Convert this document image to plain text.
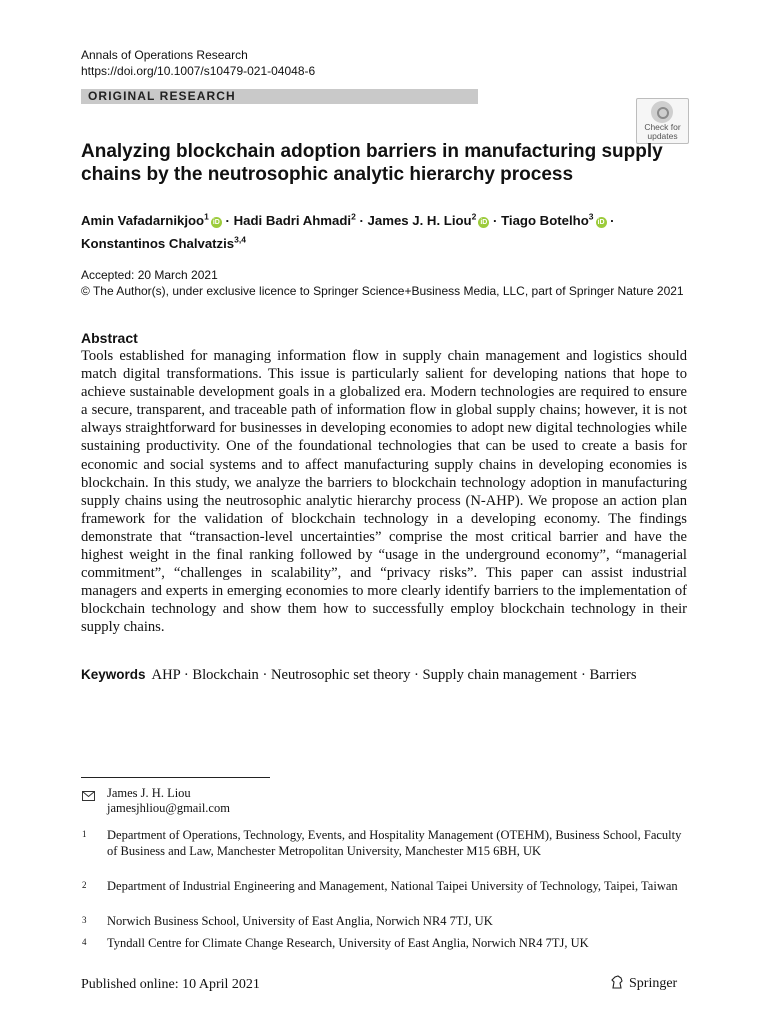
Annals of Operations Research
https://doi.org/10.1007/s10479-021-04048-6
ORIGINAL RESEARCH
Check for updates
Analyzing blockchain adoption barriers in manufacturing supply chains by the neutrosophic analytic hierarchy process
Amin Vafadarnikjoo$^1$iD · Hadi Badri Ahmadi$^2$ · James J. H. Liou$^2$iD · Tiago Botelho$^3$iD ·
Konstantinos Chalvatzis$^{3,4}$
Accepted: 20 March 2021
© The Author(s), under exclusive licence to Springer Science+Business Media, LLC, part of Springer Nature 2021
Abstract
Tools established for managing information flow in supply chain management and logistics should match digital transformations. This issue is particularly salient for developing nations that hope to achieve sustainable development goals in a globalized era. Modern technologies are required to ensure a secure, transparent, and traceable path of information flow in global supply chains; however, it is not always straightforward for businesses in developing economies to adopt new digital technologies while sustaining productivity. One of the foundational technologies that can be used to create a basis for economic and social systems and to affect manufacturing supply chains in developing economies is blockchain. In this study, we analyze the barriers to blockchain technology adoption in manufacturing supply chains using the neutrosophic analytic hierarchy process (N-AHP). We propose an action plan framework for the validation of blockchain technology in a developing economy. The findings demonstrate that “transaction-level uncertainties” comprise the most critical barrier and have the highest weight in the final ranking followed by “usage in the underground economy”, “managerial commitment”, “challenges in scalability”, and “privacy risks”. This paper can assist industrial managers and experts in emerging economies to more clearly identify barriers to the implementation of blockchain technology and show them how to successfully employ blockchain technology in their supply chains.
Keywords AHP · Blockchain · Neutrosophic set theory · Supply chain management · Barriers
James J. H. Liou
jamesjhliou@gmail.com
1 Department of Operations, Technology, Events, and Hospitality Management (OTEHM), Business School, Faculty of Business and Law, Manchester Metropolitan University, Manchester M15 6BH, UK
2 Department of Industrial Engineering and Management, National Taipei University of Technology, Taipei, Taiwan
3 Norwich Business School, University of East Anglia, Norwich NR4 7TJ, UK
4 Tyndall Centre for Climate Change Research, University of East Anglia, Norwich NR4 7TJ, UK
Published online: 10 April 2021	Springer
